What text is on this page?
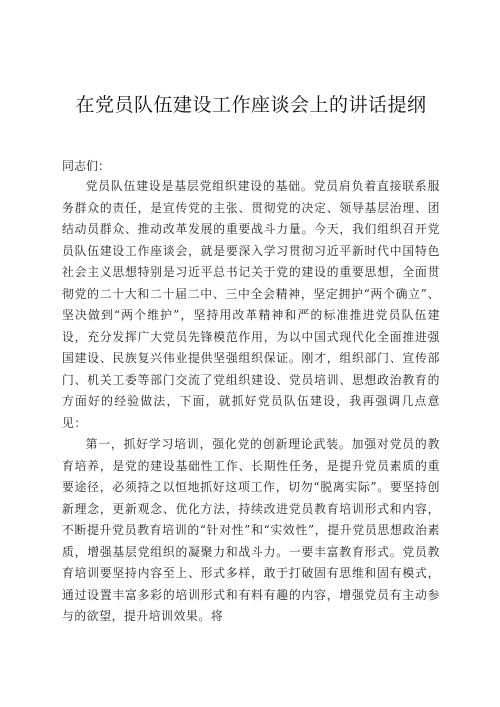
在党员队伍建设工作座谈会上的讲话提纲

同志们：

党员队伍建设是基层党组织建设的基础。党员肩负着直接联系服务群众的责任，是宣传党的主张、贯彻党的决定、领导基层治理、团结动员群众、推动改革发展的重要战斗力量。今天，我们组织召开党员队伍建设工作座谈会，就是要深入学习贯彻习近平新时代中国特色社会主义思想特别是习近平总书记关于党的建设的重要思想，全面贯彻党的二十大和二十届二中、三中全会精神，坚定拥护“两个确立”、坚决做到“两个维护”，坚持用改革精神和严的标准推进党员队伍建设，充分发挥广大党员先锋模范作用，为以中国式现代化全面推进强国建设、民族复兴伟业提供坚强组织保证。刚才，组织部门、宣传部门、机关工委等部门交流了党组织建设、党员培训、思想政治教育的方面好的经验做法，下面，就抓好党员队伍建设，我再强调几点意见：

第一，抓好学习培训，强化党的创新理论武装。加强对党员的教育培养，是党的建设基础性工作、长期性任务，是提升党员素质的重要途径，必须持之以恒地抓好这项工作，切勿“脱离实际”。要坚持创新理念，更新观念、优化方法，持续改进党员教育培训形式和内容，不断提升党员教育培训的“针对性”和“实效性”，提升党员思想政治素质，增强基层党组织的凝聚力和战斗力。一要丰富教育形式。党员教育培训要坚持内容至上、形式多样，敢于打破固有思维和固有模式，通过设置丰富多彩的培训形式和有料有趣的内容，增强党员有主动参与的欲望，提升培训效果。将
